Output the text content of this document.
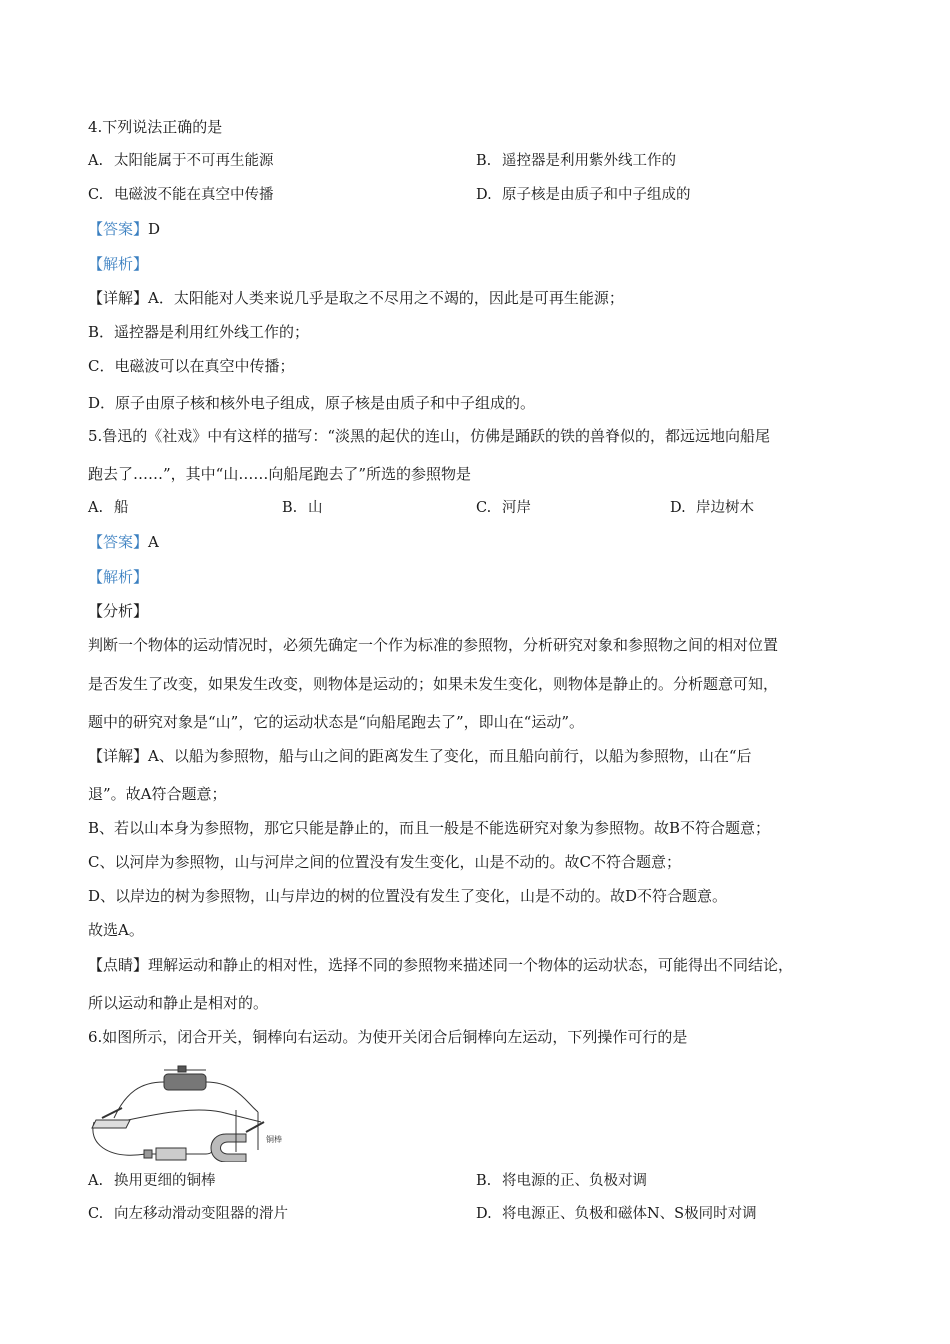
4.下列说法正确的是
A. 太阳能属于不可再生能源	B. 遥控器是利用紫外线工作的
C. 电磁波不能在真空中传播	D. 原子核是由质子和中子组成的
【答案】D
【解析】
【详解】A．太阳能对人类来说几乎是取之不尽用之不竭的，因此是可再生能源；
B．遥控器是利用红外线工作的；
C．电磁波可以在真空中传播；
D．原子由原子核和核外电子组成，原子核是由质子和中子组成的。
5.鲁迅的《社戏》中有这样的描写：“淡黑的起伏的连山，仿佛是踊跃的铁的兽脊似的，都远远地向船尾
跑去了……”，其中“山……向船尾跑去了”所选的参照物是
A. 船	B. 山	C. 河岸	D. 岸边树木
【答案】A
【解析】
【分析】
判断一个物体的运动情况时，必须先确定一个作为标准的参照物，分析研究对象和参照物之间的相对位置
是否发生了改变，如果发生改变，则物体是运动的；如果未发生变化，则物体是静止的。分析题意可知，
题中的研究对象是“山”，它的运动状态是“向船尾跑去了”，即山在“运动”。
【详解】A、以船为参照物，船与山之间的距离发生了变化，而且船向前行，以船为参照物，山在“后
退”。故A符合题意；
B、若以山本身为参照物，那它只能是静止的，而且一般是不能选研究对象为参照物。故B不符合题意；
C、以河岸为参照物，山与河岸之间的位置没有发生变化，山是不动的。故C不符合题意；
D、以岸边的树为参照物，山与岸边的树的位置没有发生了变化，山是不动的。故D不符合题意。
故选A。
【点睛】理解运动和静止的相对性，选择不同的参照物来描述同一个物体的运动状态，可能得出不同结论，
所以运动和静止是相对的。
6.如图所示，闭合开关，铜棒向右运动。为使开关闭合后铜棒向左运动，下列操作可行的是
铜棒
A. 换用更细的铜棒	B. 将电源的正、负极对调
C. 向左移动滑动变阻器的滑片	D. 将电源正、负极和磁体N、S极同时对调
